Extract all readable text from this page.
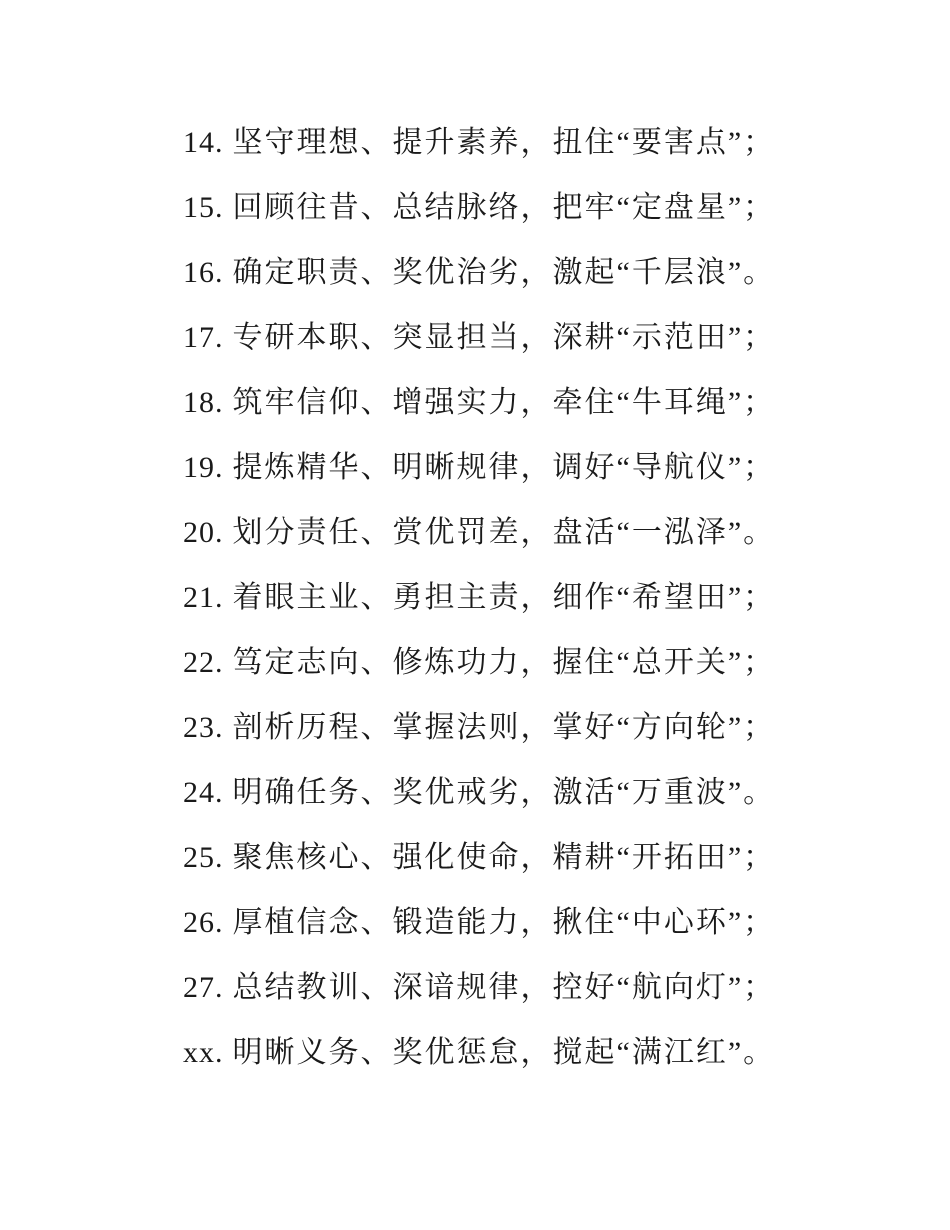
14. 坚守理想、提升素养，扭住“要害点”；

15. 回顾往昔、总结脉络，把牢“定盘星”；

16. 确定职责、奖优治劣，激起“千层浪”。

17. 专研本职、突显担当，深耕“示范田”；

18. 筑牢信仰、增强实力，牵住“牛耳绳”；

19. 提炼精华、明晰规律，调好“导航仪”；

20. 划分责任、赏优罚差，盘活“一泓泽”。

21. 着眼主业、勇担主责，细作“希望田”；

22. 笃定志向、修炼功力，握住“总开关”；

23. 剖析历程、掌握法则，掌好“方向轮”；

24. 明确任务、奖优戒劣，激活“万重波”。

25. 聚焦核心、强化使命，精耕“开拓田”；

26. 厚植信念、锻造能力，揪住“中心环”；

27. 总结教训、深谙规律，控好“航向灯”；

xx. 明晰义务、奖优惩怠，搅起“满江红”。
